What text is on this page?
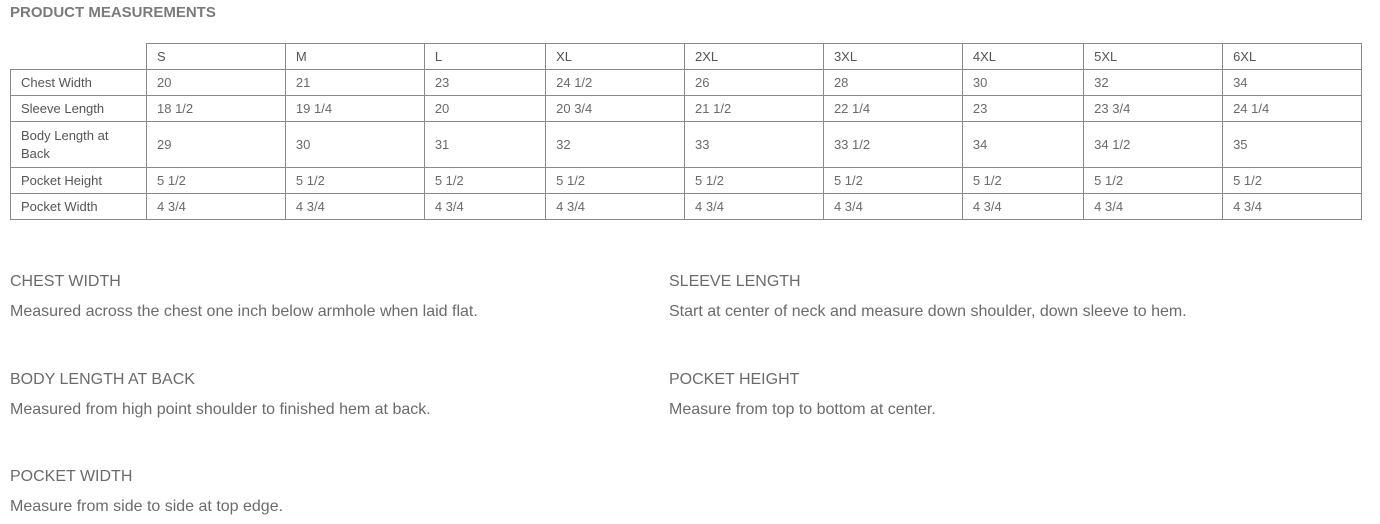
PRODUCT MEASUREMENTS
	S	M	L	XL	2XL	3XL	4XL	5XL	6XL
Chest Width	20	21	23	24 1/2	26	28	30	32	34
Sleeve Length	18 1/2	19 1/4	20	20 3/4	21 1/2	22 1/4	23	23 3/4	24 1/4
Body Length at Back	29	30	31	32	33	33 1/2	34	34 1/2	35
Pocket Height	5 1/2	5 1/2	5 1/2	5 1/2	5 1/2	5 1/2	5 1/2	5 1/2	5 1/2
Pocket Width	4 3/4	4 3/4	4 3/4	4 3/4	4 3/4	4 3/4	4 3/4	4 3/4	4 3/4

CHEST WIDTH

Measured across the chest one inch below armhole when laid flat.

SLEEVE LENGTH

Start at center of neck and measure down shoulder, down sleeve to hem.

BODY LENGTH AT BACK

Measured from high point shoulder to finished hem at back.

POCKET HEIGHT

Measure from top to bottom at center.

POCKET WIDTH

Measure from side to side at top edge.
